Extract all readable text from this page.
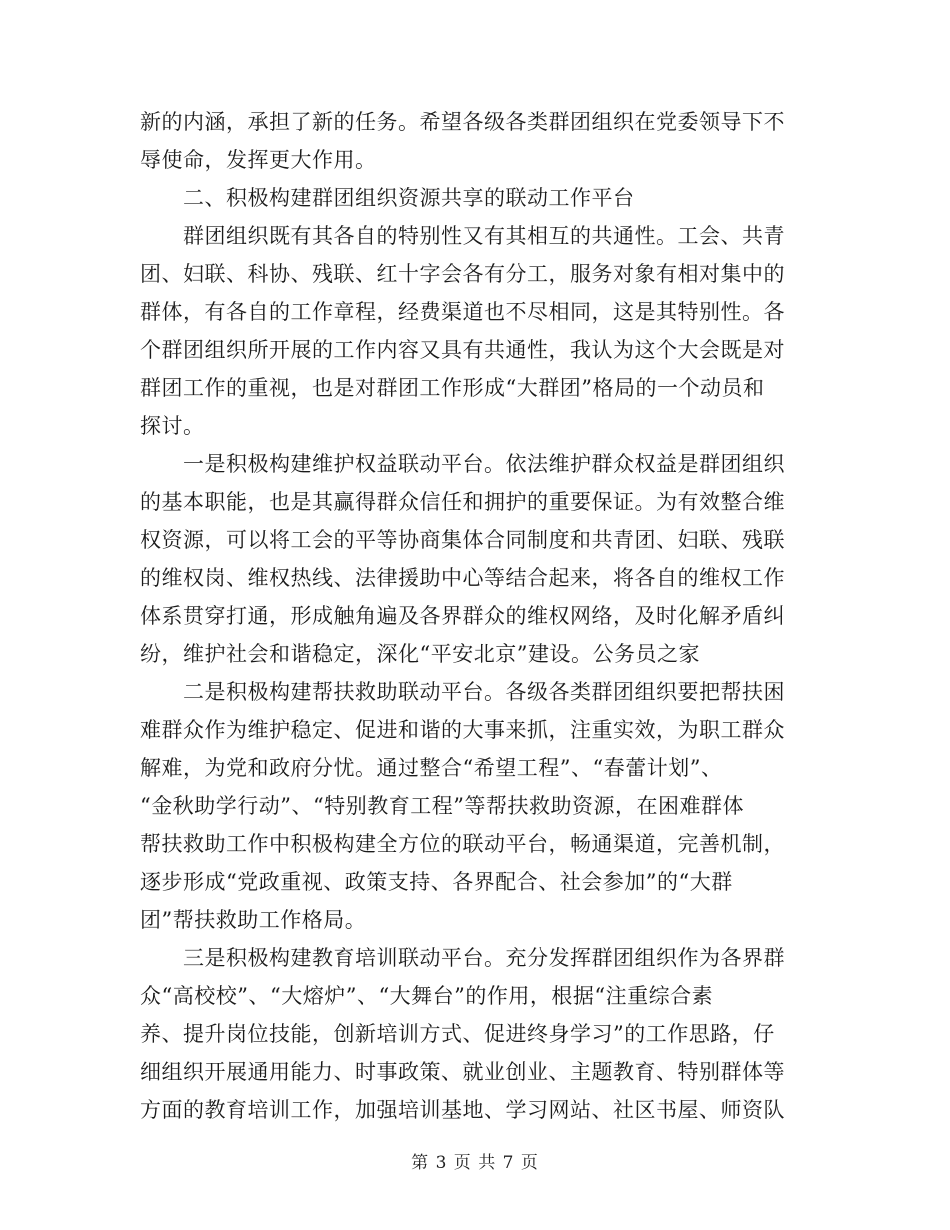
新的内涵，承担了新的任务。希望各级各类群团组织在党委领导下不
辱使命，发挥更大作用。
　　二、积极构建群团组织资源共享的联动工作平台
　　群团组织既有其各自的特别性又有其相互的共通性。工会、共青
团、妇联、科协、残联、红十字会各有分工，服务对象有相对集中的
群体，有各自的工作章程，经费渠道也不尽相同，这是其特别性。各
个群团组织所开展的工作内容又具有共通性，我认为这个大会既是对
群团工作的重视，也是对群团工作形成“大群团”格局的一个动员和
探讨。
　　一是积极构建维护权益联动平台。依法维护群众权益是群团组织
的基本职能，也是其赢得群众信任和拥护的重要保证。为有效整合维
权资源，可以将工会的平等协商集体合同制度和共青团、妇联、残联
的维权岗、维权热线、法律援助中心等结合起来，将各自的维权工作
体系贯穿打通，形成触角遍及各界群众的维权网络，及时化解矛盾纠
纷，维护社会和谐稳定，深化“平安北京”建设。公务员之家
　　二是积极构建帮扶救助联动平台。各级各类群团组织要把帮扶困
难群众作为维护稳定、促进和谐的大事来抓，注重实效，为职工群众
解难，为党和政府分忧。通过整合“希望工程”、“春蕾计划”、
“金秋助学行动”、“特别教育工程”等帮扶救助资源，在困难群体
帮扶救助工作中积极构建全方位的联动平台，畅通渠道，完善机制，
逐步形成“党政重视、政策支持、各界配合、社会参加”的“大群
团”帮扶救助工作格局。
　　三是积极构建教育培训联动平台。充分发挥群团组织作为各界群
众“高校校”、“大熔炉”、“大舞台”的作用，根据“注重综合素
养、提升岗位技能，创新培训方式、促进终身学习”的工作思路，仔
细组织开展通用能力、时事政策、就业创业、主题教育、特别群体等
方面的教育培训工作，加强培训基地、学习网站、社区书屋、师资队
第 3 页 共 7 页
